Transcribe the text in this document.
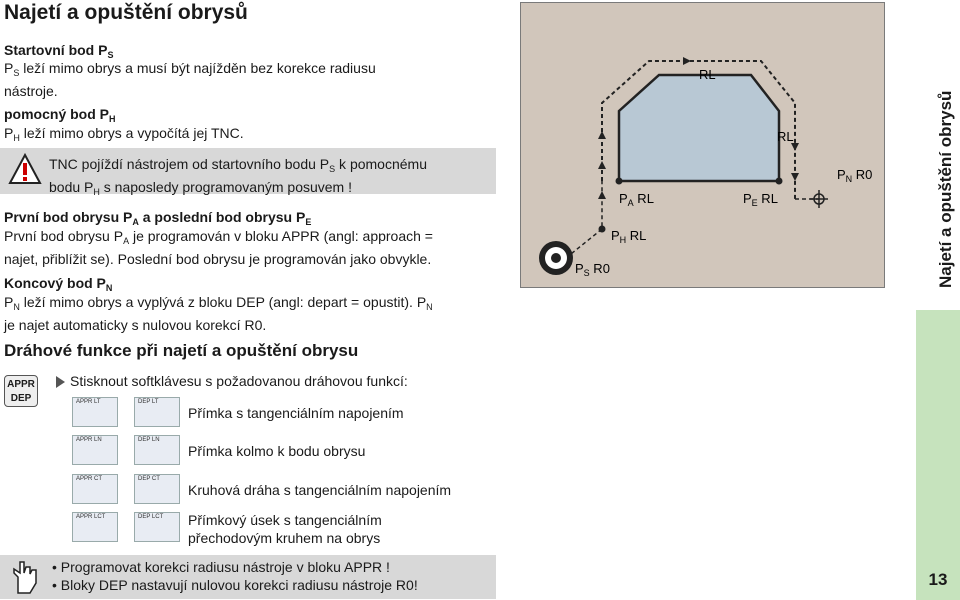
Najetí a opuštění obrysů
Startovní bod $P_S$
$P_S$ leží mimo obrys a musí být najížděn bez korekce radiusu
nástroje.
pomocný bod $P_H$
$P_H$ leží mimo obrys a vypočítá jej TNC.
TNC pojíždí nástrojem od startovního bodu $P_S$ k pomocnému
bodu $P_H$ s naposledy programovaným posuvem !
První bod obrysu $P_A$ a poslední bod obrysu $P_E$
První bod obrysu $P_A$ je programován v bloku APPR (angl: approach =
najet, přiblížit se). Poslední bod obrysu je programován jako obvykle.
Koncový bod $P_N$
$P_N$ leží mimo obrys a vyplývá z bloku DEP (angl: depart = opustit). $P_N$
je najet automaticky s nulovou korekcí R0.
RL
RL
$P_A$ RL	$P_E$ RL
$P_H$ RL
$P_S$ R0
$P_N$ R0	Najetí a opuštění obrysů
13
Dráhové funkce při najetí a opuštění obrysu
APPR
DEP
Stisknout softklávesu s požadovanou dráhovou funkcí:
APPR LT	DEP LT
Přímka s tangenciálním napojením
APPR LN	DEP LN
Přímka kolmo k bodu obrysu
APPR CT	DEP CT
Kruhová dráha s tangenciálním napojením
APPR LCT	DEP LCT Přímkový úsek s tangenciálním
přechodovým kruhem na obrys
• Programovat korekci radiusu nástroje v bloku APPR !
• Bloky DEP nastavují nulovou korekci radiusu nástroje R0!
